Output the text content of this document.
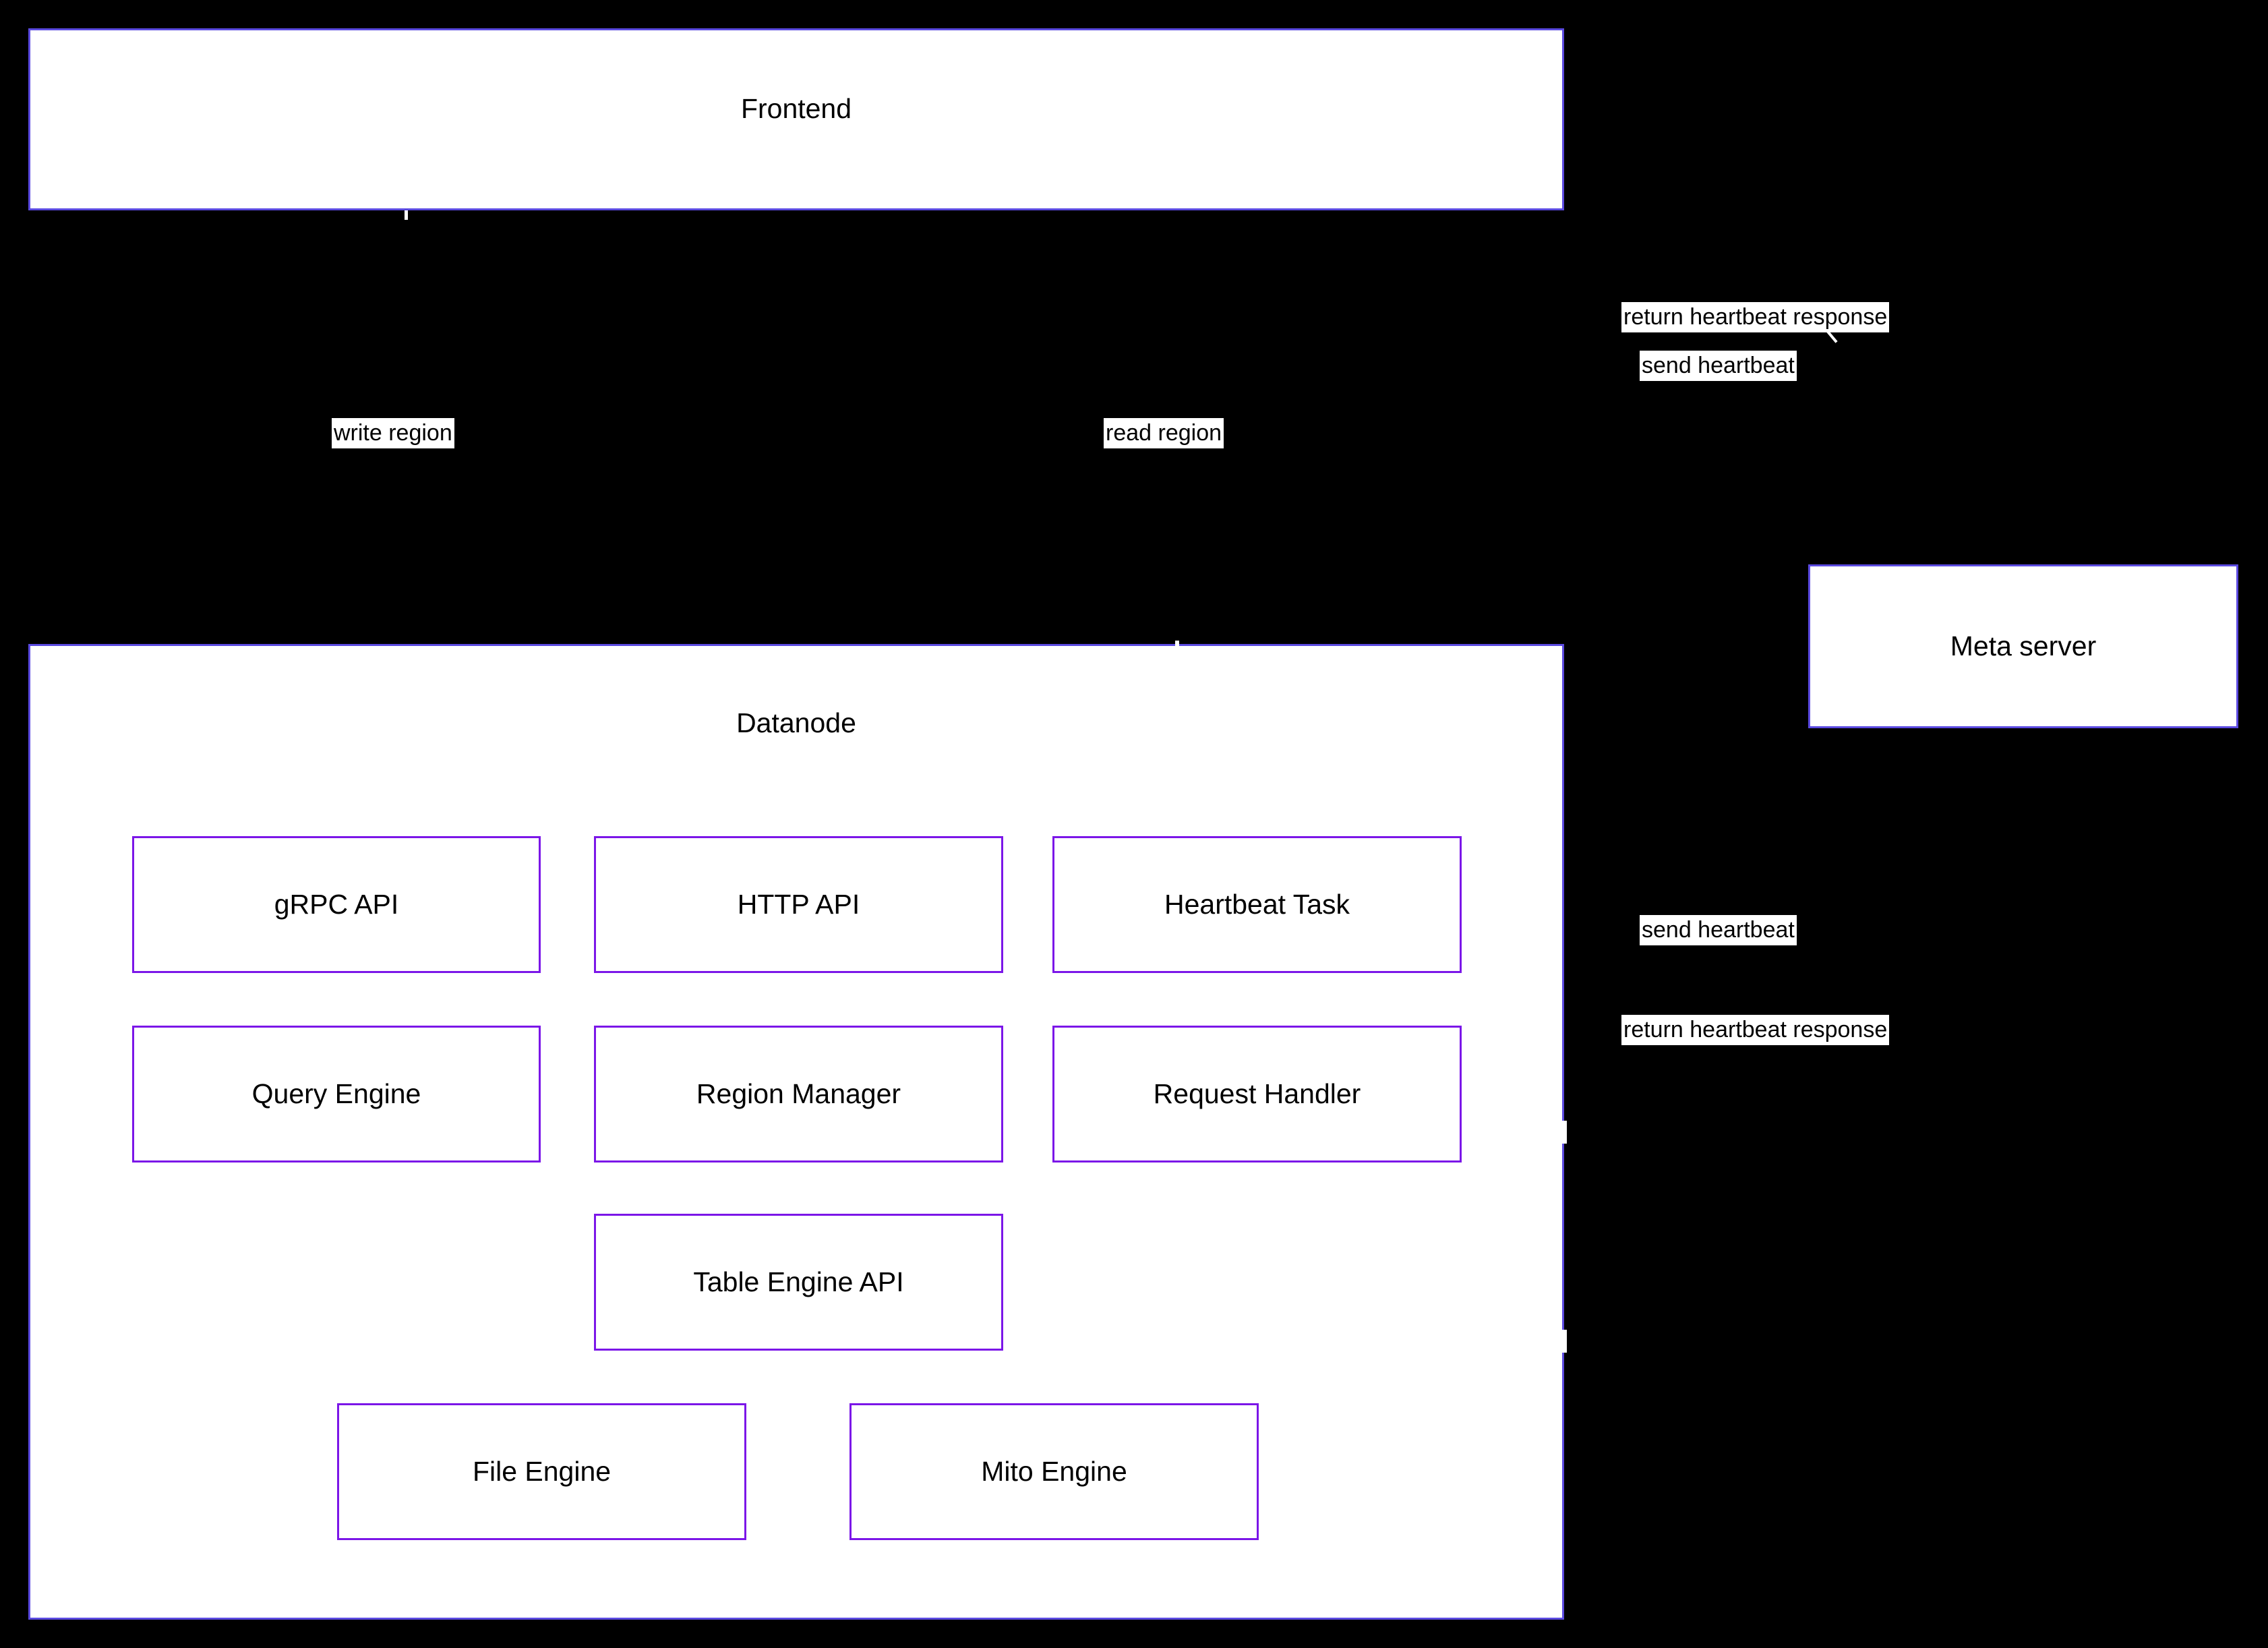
Frontend
Datanode
Meta server
gRPC API	HTTP API	Heartbeat Task
Query Engine	Region Manager	Request Handler
Table Engine API
File Engine	Mito Engine
write region	read region
return heartbeat response
send heartbeat
send heartbeat
return heartbeat response
